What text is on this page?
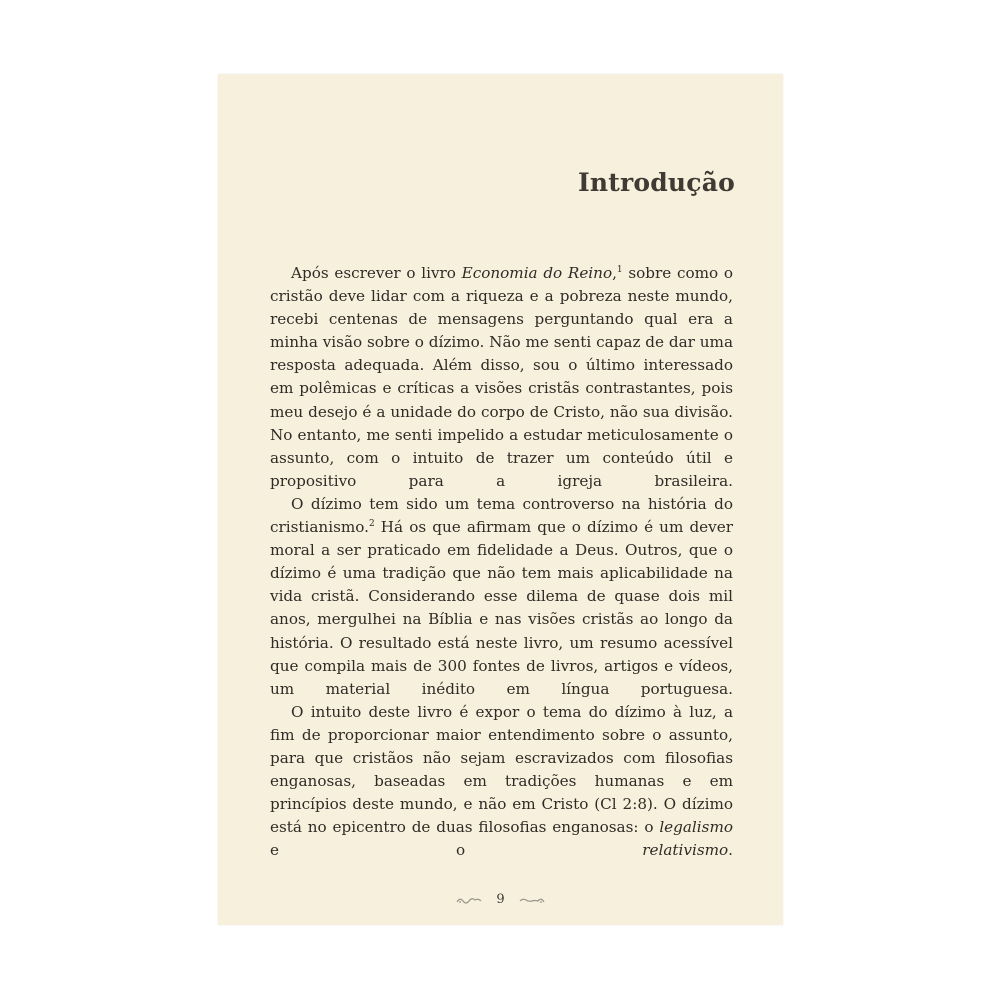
Introdução

Após escrever o livro Economia do Reino,$^1$ sobre como o cristão deve lidar com a riqueza e a pobreza neste mundo, recebi centenas de mensagens perguntando qual era a minha visão sobre o dízimo. Não me senti capaz de dar uma resposta adequada. Além disso, sou o último interessado em polêmicas e críticas a visões cristãs contrastantes, pois meu desejo é a unidade do corpo de Cristo, não sua divisão. No entanto, me senti impelido a estudar meticulosamente o assunto, com o intuito de trazer um conteúdo útil e propositivo para a igreja brasileira.

O dízimo tem sido um tema controverso na história do cristianismo.$^2$ Há os que afirmam que o dízimo é um dever moral a ser praticado em fidelidade a Deus. Outros, que o dízimo é uma tradição que não tem mais aplicabilidade na vida cristã. Considerando esse dilema de quase dois mil anos, mergulhei na Bíblia e nas visões cristãs ao longo da história. O resultado está neste livro, um resumo acessível que compila mais de 300 fontes de livros, artigos e vídeos, um material inédito em língua portuguesa.

O intuito deste livro é expor o tema do dízimo à luz, a fim de proporcionar maior entendimento sobre o assunto, para que cristãos não sejam escravizados com filosofias enganosas, baseadas em tradições humanas e em princípios deste mundo, e não em Cristo (Cl 2:8). O dízimo está no epicentro de duas filosofias enganosas: o legalismo e o relativismo.

9
